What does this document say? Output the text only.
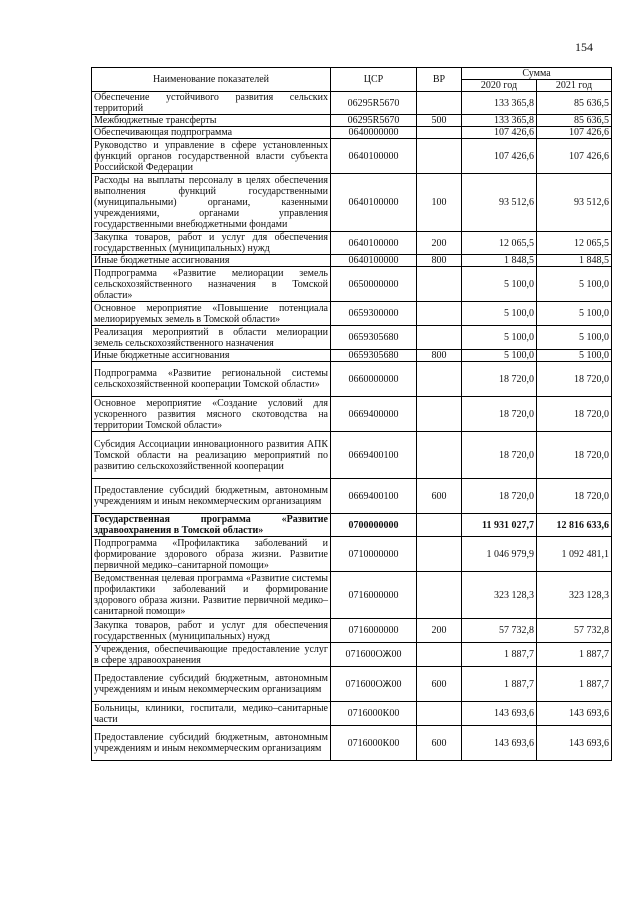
154
Наименование показателей	ЦСР	ВР	Сумма	
			2020 год	2021 год
Обеспечение устойчивого развития сельских территорий	06295R5670		133 365,8	85 636,5
Межбюджетные трансферты	06295R5670	500	133 365,8	85 636,5
Обеспечивающая подпрограмма	0640000000		107 426,6	107 426,6
Руководство и управление в сфере установленных функций органов государственной власти субъекта Российской Федерации	0640100000		107 426,6	107 426,6
Расходы на выплаты персоналу в целях обеспечения выполнения функций государственными (муниципальными) органами, казенными учреждениями, органами управления государственными внебюджетными фондами	0640100000	100	93 512,6	93 512,6
Закупка товаров, работ и услуг для обеспечения государственных (муниципальных) нужд	0640100000	200	12 065,5	12 065,5
Иные бюджетные ассигнования	0640100000	800	1 848,5	1 848,5
Подпрограмма «Развитие мелиорации земель сельскохозяйственного назначения в Томской области»	0650000000		5 100,0	5 100,0
Основное мероприятие «Повышение потенциала мелиорируемых земель в Томской области»	0659300000		5 100,0	5 100,0
Реализация мероприятий в области мелиорации земель сельскохозяйственного назначения	0659305680		5 100,0	5 100,0
Иные бюджетные ассигнования	0659305680	800	5 100,0	5 100,0
Подпрограмма «Развитие региональной системы сельскохозяйственной кооперации Томской области»	0660000000		18 720,0	18 720,0
Основное мероприятие «Создание условий для ускоренного развития мясного скотоводства на территории Томской области»	0669400000		18 720,0	18 720,0
Субсидия Ассоциации инновационного развития АПК Томской области на реализацию мероприятий по развитию сельскохозяйственной кооперации	0669400100		18 720,0	18 720,0
Предоставление субсидий бюджетным, автономным учреждениям и иным некоммерческим организациям	0669400100	600	18 720,0	18 720,0
Государственная программа «Развитие здравоохранения в Томской области»	0700000000		11 931 027,7	12 816 633,6
Подпрограмма «Профилактика заболеваний и формирование здорового образа жизни. Развитие первичной медико–санитарной помощи»	0710000000		1 046 979,9	1 092 481,1
Ведомственная целевая программа «Развитие системы профилактики заболеваний и формирование здорового образа жизни. Развитие первичной медико–санитарной помощи»	0716000000		323 128,3	323 128,3
Закупка товаров, работ и услуг для обеспечения государственных (муниципальных) нужд	0716000000	200	57 732,8	57 732,8
Учреждения, обеспечивающие предоставление услуг в сфере здравоохранения	071600ОЖ00		1 887,7	1 887,7
Предоставление субсидий бюджетным, автономным учреждениям и иным некоммерческим организациям	071600ОЖ00	600	1 887,7	1 887,7
Больницы, клиники, госпитали, медико–санитарные части	0716000К00		143 693,6	143 693,6
Предоставление субсидий бюджетным, автономным учреждениям и иным некоммерческим организациям	0716000К00	600	143 693,6	143 693,6
